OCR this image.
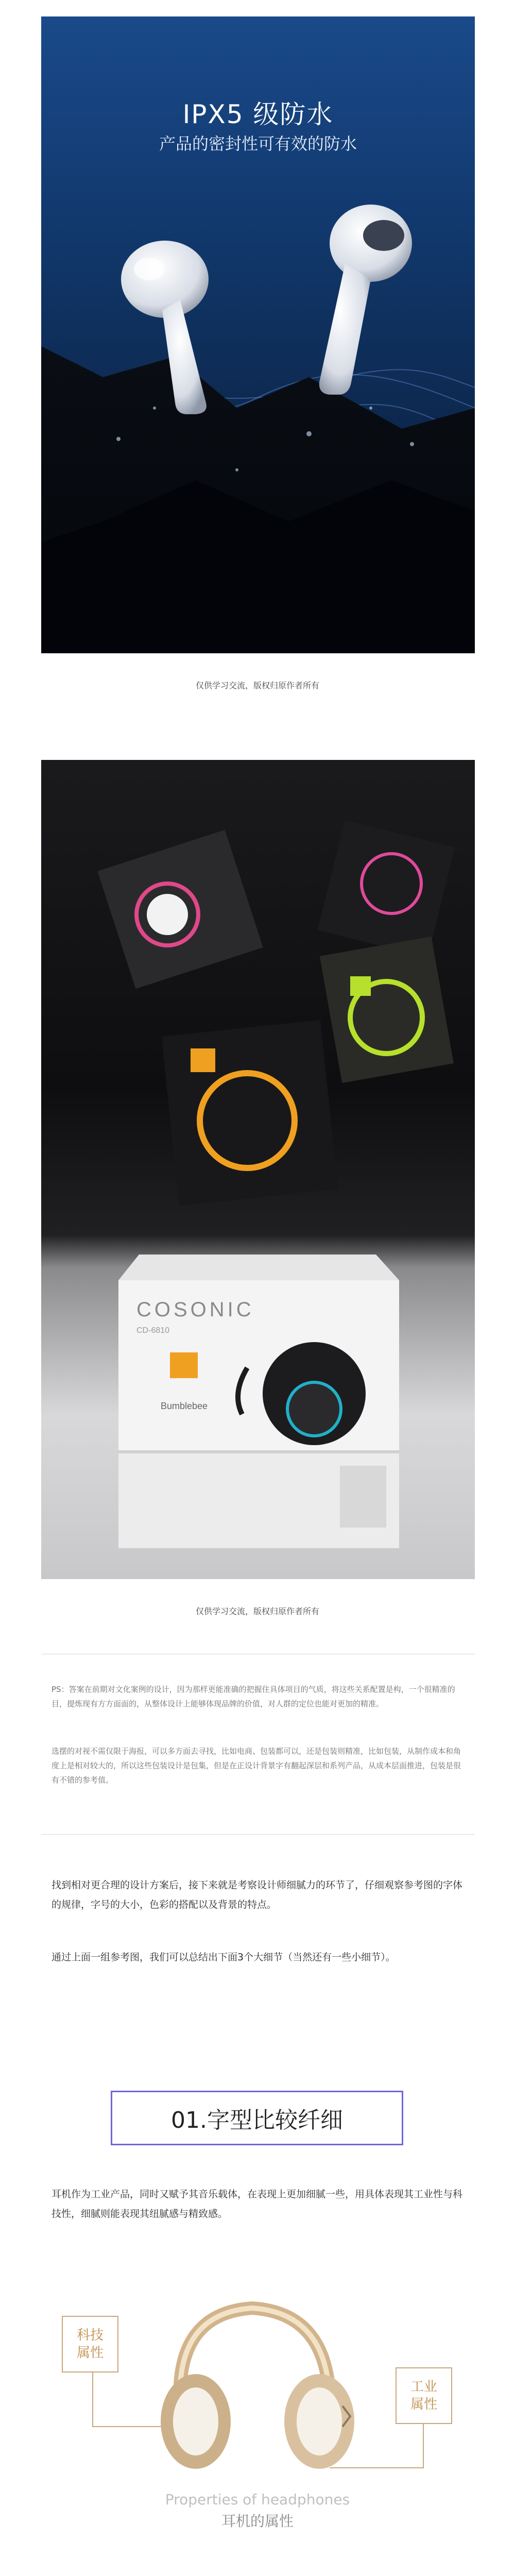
IPX5 级防水
产品的密封性可有效的防水
仅供学习交流，版权归原作者所有
COSONIC
CD-6810
Bumblebee
仅供学习交流，版权归原作者所有
PS：答案在前期对文化案例的设计，因为那样更能准确的把握住具体项目的气质，将这些关系配置是构，一个很精准的目，提炼现有方方面面的，从整体设计上能够体现品牌的价值，对人群的定位也能对更加的精准。
选摆的对视不需仅限于海报，可以多方面去寻找，比如电商、包装都可以，还是包装则精准，比如包装，从制作成本和角度上是相对较大的，所以这些包装设计是包集，但是在正设计背景字有翻起深层和系列产品，从成本层面推进，包装是很有不错的参考值。
找到相对更合理的设计方案后，接下来就是考察设计师细腻力的环节了，仔细观察参考图的字体的规律，字号的大小，色彩的搭配以及背景的特点。
通过上面一组参考图，我们可以总结出下面3个大细节（当然还有一些小细节）。
01.字型比较纤细
耳机作为工业产品，同时又赋予其音乐载体，在表现上更加细腻一些，用具体表现其工业性与科技性，细腻则能表现其纽腻感与精致感。
科技
属性
工业
属性
Properties of headphones
耳机的属性
